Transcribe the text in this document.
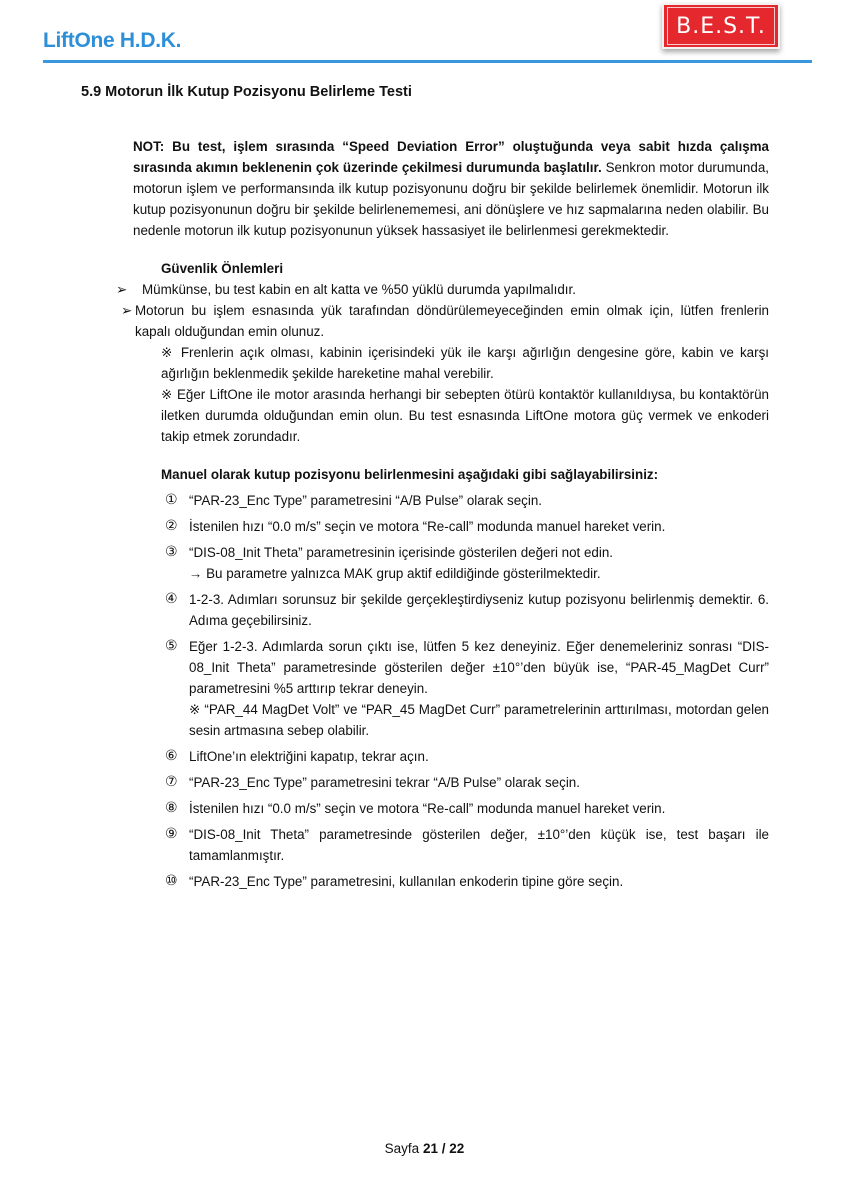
LiftOne H.D.K.
B.E.S.T.
5.9 Motorun İlk Kutup Pozisyonu Belirleme Testi

NOT: Bu test, işlem sırasında “Speed Deviation Error” oluştuğunda veya sabit hızda çalışma sırasında akımın beklenenin çok üzerinde çekilmesi durumunda başlatılır. Senkron motor durumunda, motorun işlem ve performansında ilk kutup pozisyonunu doğru bir şekilde belirlemek önemlidir. Motorun ilk kutup pozisyonunun doğru bir şekilde belirlenememesi, ani dönüşlere ve hız sapmalarına neden olabilir. Bu nedenle motorun ilk kutup pozisyonunun yüksek hassasiyet ile belirlenmesi gerekmektedir.

Güvenlik Önlemleri
➢	Mümkünse, bu test kabin en alt katta ve %50 yüklü durumda yapılmalıdır.
➢ Motorun bu işlem esnasında yük tarafından döndürülemeyeceğinden emin olmak için, lütfen frenlerin kapalı olduğundan emin olunuz.

※ Frenlerin açık olması, kabinin içerisindeki yük ile karşı ağırlığın dengesine göre, kabin ve karşı ağırlığın beklenmedik şekilde hareketine mahal verebilir.

※ Eğer LiftOne ile motor arasında herhangi bir sebepten ötürü kontaktör kullanıldıysa, bu kontaktörün iletken durumda olduğundan emin olun. Bu test esnasında LiftOne motora güç vermek ve enkoderi takip etmek zorundadır.

Manuel olarak kutup pozisyonu belirlenmesini aşağıdaki gibi sağlayabilirsiniz:
① “PAR-23_Enc Type” parametresini “A/B Pulse” olarak seçin.
② İstenilen hızı “0.0 m/s” seçin ve motora “Re-call” modunda manuel hareket verin.
③ “DIS-08_Init Theta” parametresinin içerisinde gösterilen değeri not edin.
→ Bu parametre yalnızca MAK grup aktif edildiğinde gösterilmektedir.
④ 1-2-3. Adımları sorunsuz bir şekilde gerçekleştirdiyseniz kutup pozisyonu belirlenmiş demektir. 6. Adıma geçebilirsiniz.
⑤ Eğer 1-2-3. Adımlarda sorun çıktı ise, lütfen 5 kez deneyiniz. Eğer denemeleriniz sonrası “DIS-08_Init Theta” parametresinde gösterilen değer ±10°’den büyük ise, “PAR-45_MagDet Curr” parametresini %5 arttırıp tekrar deneyin.
※ “PAR_44 MagDet Volt” ve “PAR_45 MagDet Curr” parametrelerinin arttırılması, motordan gelen sesin artmasına sebep olabilir.
⑥ LiftOne’ın elektriğini kapatıp, tekrar açın.
⑦ “PAR-23_Enc Type” parametresini tekrar “A/B Pulse” olarak seçin.
⑧ İstenilen hızı “0.0 m/s” seçin ve motora “Re-call” modunda manuel hareket verin.
⑨ “DIS-08_Init Theta” parametresinde gösterilen değer, ±10°’den küçük ise, test başarı ile tamamlanmıştır.
⑩ “PAR-23_Enc Type” parametresini, kullanılan enkoderin tipine göre seçin.
Sayfa 21 / 22
